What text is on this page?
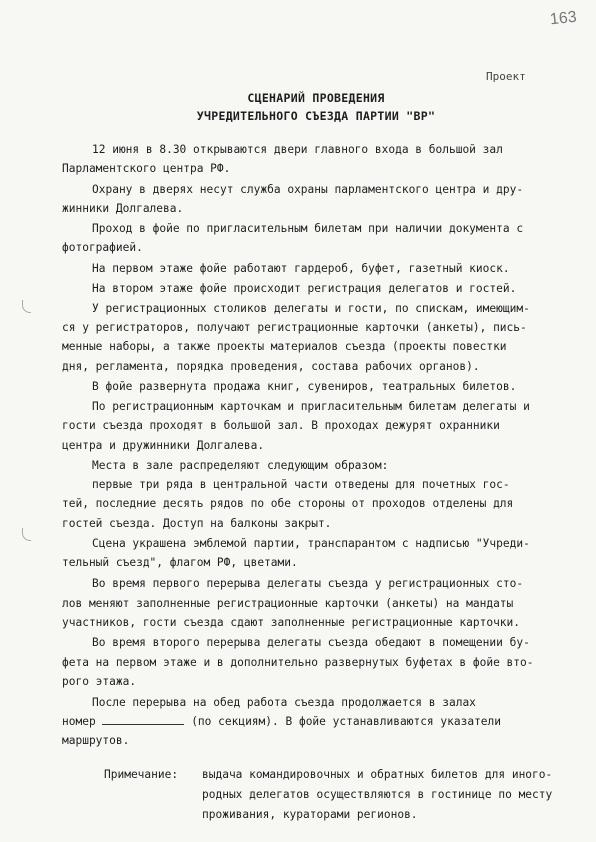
163
Проект
СЦЕНАРИЙ ПРОВЕДЕНИЯ
УЧРЕДИТЕЛЬНОГО СЪЕЗДА ПАРТИИ "ВР"
12 июня в 8.30 открываются двери главного входа в большой зал
Парламентского центра РФ.
Охрану в дверях несут служба охраны парламентского центра и дру-
жинники Долгалева.
Проход в фойе по пригласительным билетам при наличии документа с
фотографией.
На первом этаже фойе работают гардероб, буфет, газетный киоск.
На втором этаже фойе происходит регистрация делегатов и гостей.
У регистрационных столиков делегаты и гости, по спискам, имеющим-
ся у регистраторов, получают регистрационные карточки (анкеты), пись-
менные наборы, а также проекты материалов съезда (проекты повестки
дня, регламента, порядка проведения, состава рабочих органов).
В фойе развернута продажа книг, сувениров, театральных билетов.
По регистрационным карточкам и пригласительным билетам делегаты и
гости съезда проходят в большой зал. В проходах дежурят охранники
центра и дружинники Долгалева.
Места в зале распределяют следующим образом:
первые три ряда в центральной части отведены для почетных гос-
тей, последние десять рядов по обе стороны от проходов отделены для
гостей съезда. Доступ на балконы закрыт.
Сцена украшена эмблемой партии, транспарантом с надписью "Учреди-
тельный съезд", флагом РФ, цветами.
Во время первого перерыва делегаты съезда у регистрационных сто-
лов меняют заполненные регистрационные карточки (анкеты) на мандаты
участников, гости съезда сдают заполненные регистрационные карточки.
Во время второго перерыва делегаты съезда обедают в помещении бу-
фета на первом этаже и в дополнительно развернутых буфетах в фойе вто-
рого этажа.
После перерыва на обед работа съезда продолжается в залах
номер	(по секциям). В фойе устанавливаются указатели
маршрутов.
Примечание: выдача командировочных и обратных билетов для иного-
родных делегатов осуществляются в гостинице по месту
проживания, кураторами регионов.
